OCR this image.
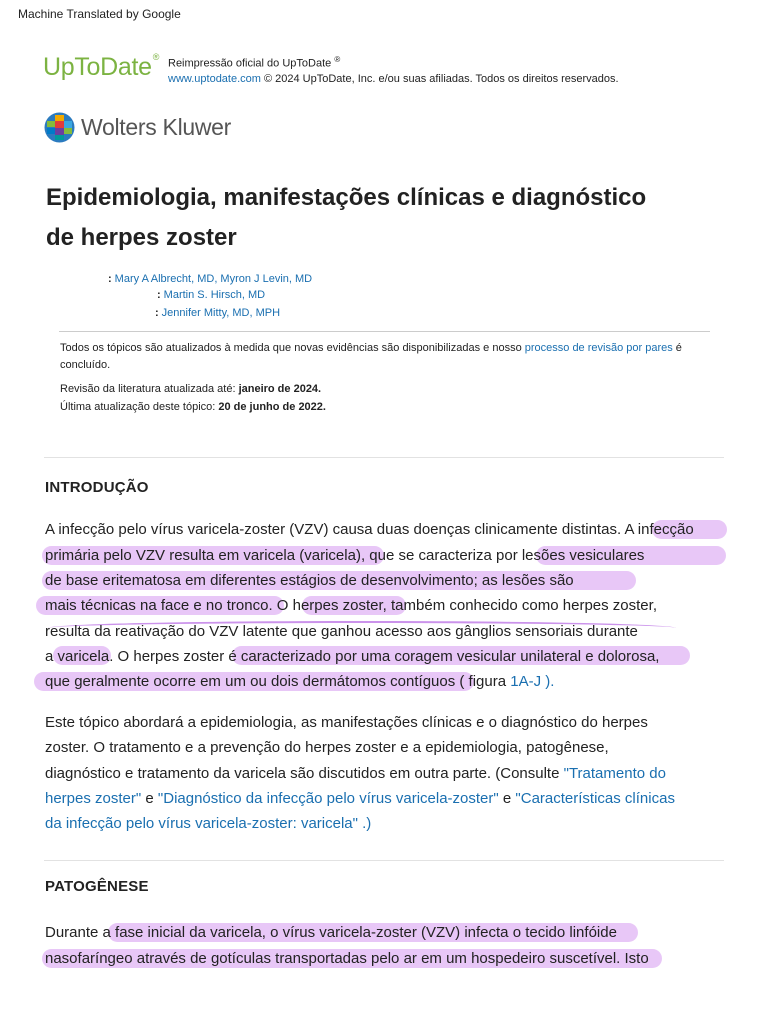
Machine Translated by Google
UpToDate®
Reimpressão oficial do UpToDate ®
www.uptodate.com © 2024 UpToDate, Inc. e/ou suas afiliadas. Todos os direitos reservados.
Wolters Kluwer
Epidemiologia, manifestações clínicas e diagnóstico
de herpes zoster
: Mary A Albrecht, MD, Myron J Levin, MD
: Martin S. Hirsch, MD
: Jennifer Mitty, MD, MPH
Todos os tópicos são atualizados à medida que novas evidências são disponibilizadas e nosso processo de revisão por pares é concluído.
Revisão da literatura atualizada até: janeiro de 2024.
Última atualização deste tópico: 20 de junho de 2022.
INTRODUÇÃO
A infecção pelo vírus varicela-zoster (VZV) causa duas doenças clinicamente distintas. A infecção
primária pelo VZV resulta em varicela (varicela), que se caracteriza por lesões vesiculares
de base eritematosa em diferentes estágios de desenvolvimento; as lesões são
mais técnicas na face e no tronco. O herpes zoster, também conhecido como herpes zoster,
resulta da reativação do VZV latente que ganhou acesso aos gânglios sensoriais durante
a varicela. O herpes zoster é caracterizado por uma coragem vesicular unilateral e dolorosa,
que geralmente ocorre em um ou dois dermátomos contíguos ( figura 1A-J ).
Este tópico abordará a epidemiologia, as manifestações clínicas e o diagnóstico do herpes
zoster. O tratamento e a prevenção do herpes zoster e a epidemiologia, patogênese,
diagnóstico e tratamento da varicela são discutidos em outra parte. (Consulte "Tratamento do
herpes zoster" e "Diagnóstico da infecção pelo vírus varicela-zoster" e "Características clínicas
da infecção pelo vírus varicela-zoster: varicela" .)
PATOGÊNESE
Durante a fase inicial da varicela, o vírus varicela-zoster (VZV) infecta o tecido linfóide
nasofaríngeo através de gotículas transportadas pelo ar em um hospedeiro suscetível. Isto
